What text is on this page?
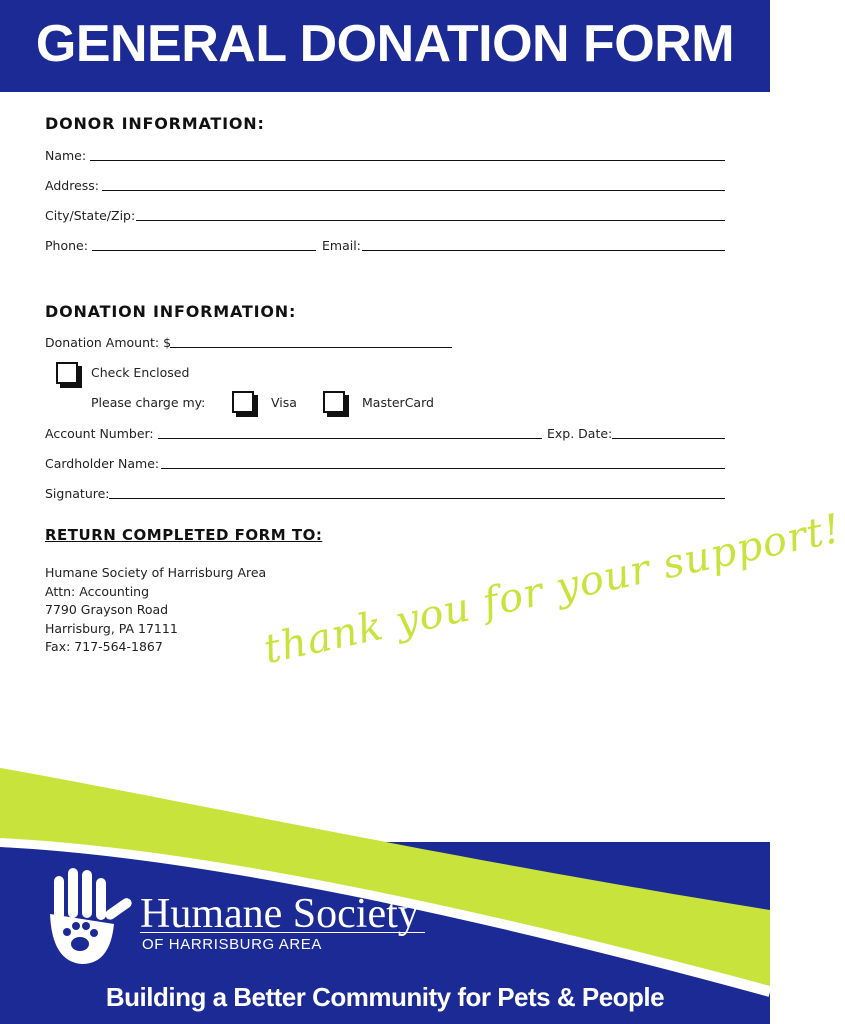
GENERAL DONATION FORM
DONOR INFORMATION:
Name:
Address:
City/State/Zip:
Phone:	Email:
DONATION INFORMATION:
Donation Amount: $
Check Enclosed
Please charge my:	Visa	MasterCard
Account Number:	Exp. Date:
Cardholder Name:
Signature:
RETURN COMPLETED FORM TO:
Humane Society of Harrisburg Area
Attn: Accounting
7790 Grayson Road
Harrisburg, PA 17111
Fax: 717-564-1867	thank you for your support!
Humane Society
OF HARRISBURG AREA
Building a Better Community for Pets & People
